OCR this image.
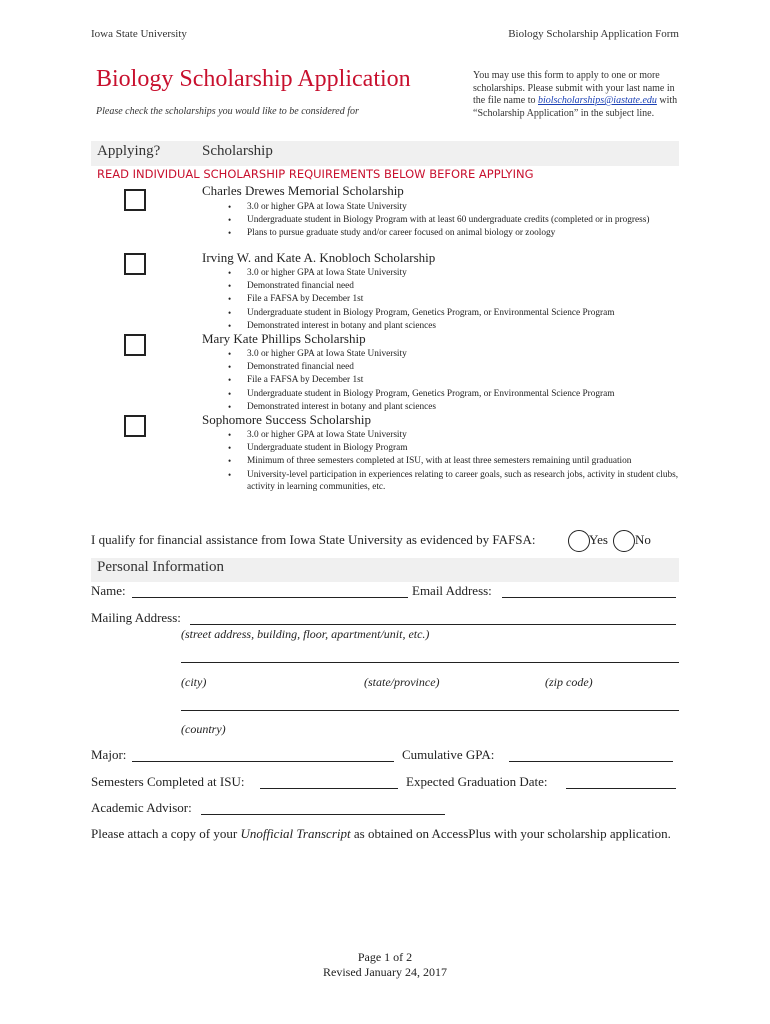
Iowa State University	Biology Scholarship Application Form
Biology Scholarship Application
Please check the scholarships you would like to be considered for
You may use this form to apply to one or more scholarships. Please submit with your last name in the file name to biolscholarships@iastate.edu with “Scholarship Application” in the subject line.
Applying?	Scholarship
READ INDIVIDUAL SCHOLARSHIP REQUIREMENTS BELOW BEFORE APPLYING
Charles Drewes Memorial Scholarship
• 3.0 or higher GPA at Iowa State University
• Undergraduate student in Biology Program with at least 60 undergraduate credits (completed or in progress)
• Plans to pursue graduate study and/or career focused on animal biology or zoology
Irving W. and Kate A. Knobloch Scholarship
• 3.0 or higher GPA at Iowa State University
• Demonstrated financial need
• File a FAFSA by December 1st
• Undergraduate student in Biology Program, Genetics Program, or Environmental Science Program
• Demonstrated interest in botany and plant sciences
Mary Kate Phillips Scholarship
• 3.0 or higher GPA at Iowa State University
• Demonstrated financial need
• File a FAFSA by December 1st
• Undergraduate student in Biology Program, Genetics Program, or Environmental Science Program
• Demonstrated interest in botany and plant sciences
Sophomore Success Scholarship
• 3.0 or higher GPA at Iowa State University
• Undergraduate student in Biology Program
• Minimum of three semesters completed at ISU, with at least three semesters remaining until graduation
• University-level participation in experiences relating to career goals, such as research jobs, activity in student clubs, activity in learning communities, etc.
I qualify for financial assistance from Iowa State University as evidenced by FAFSA:	Yes No
Personal Information
Name:	Email Address:
Mailing Address:
(street address, building, floor, apartment/unit, etc.)
(city)	(state/province)	(zip code)
(country)
Major:	Cumulative GPA:
Semesters Completed at ISU:	Expected Graduation Date:
Academic Advisor:
Please attach a copy of your Unofficial Transcript as obtained on AccessPlus with your scholarship application.
Page 1 of 2
Revised January 24, 2017
